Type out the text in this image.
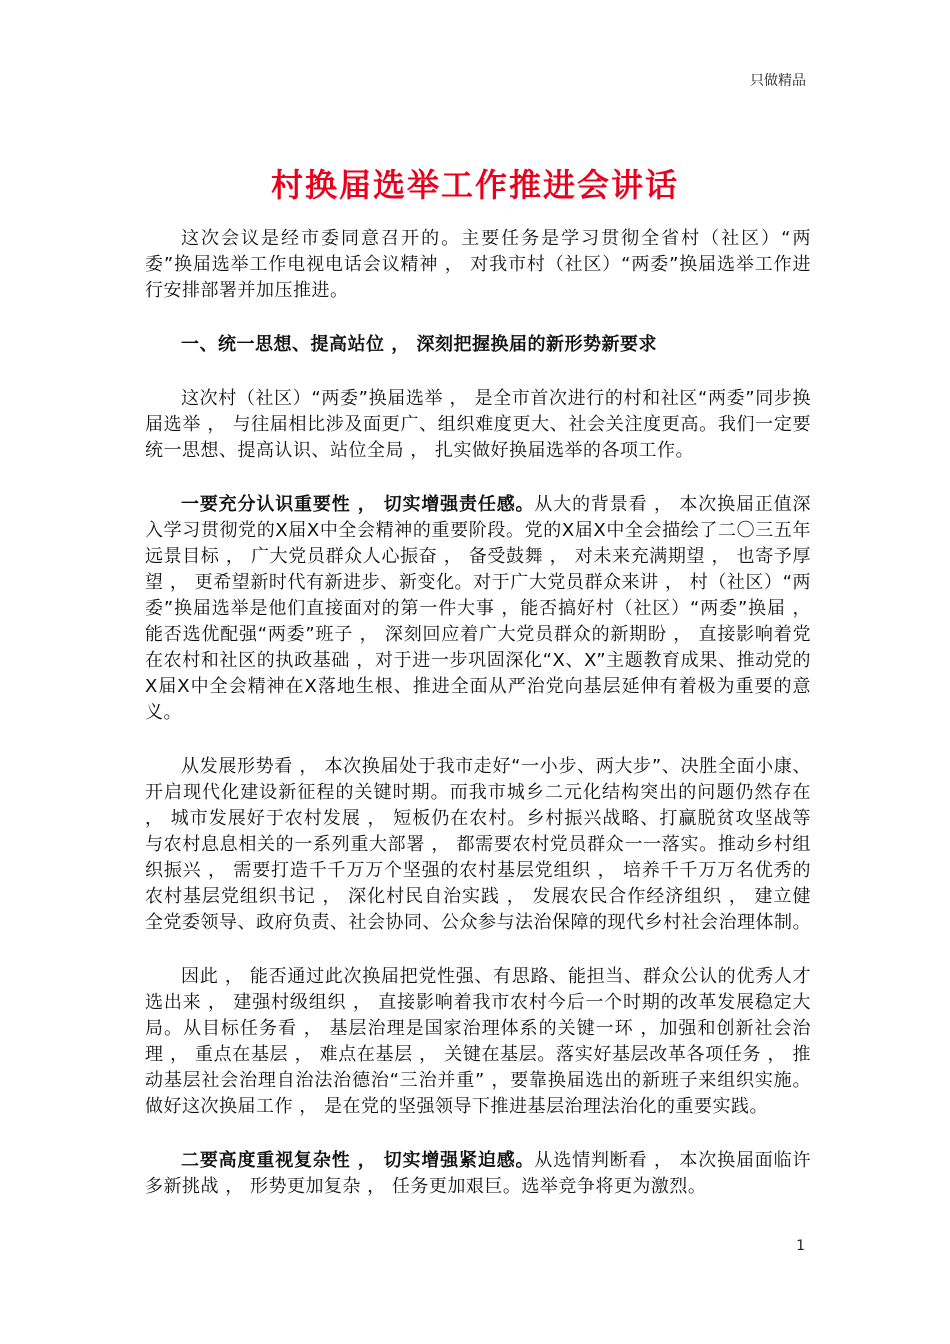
只做精品
村换届选举工作推进会讲话

这次会议是经市委同意召开的。主要任务是学习贯彻全省村（社区）“两委”换届选举工作电视电话会议精神 ， 对我市村（社区）“两委”换届选举工作进行安排部署并加压推进。

一、统一思想、提高站位 ， 深刻把握换届的新形势新要求

这次村（社区）“两委”换届选举 ， 是全市首次进行的村和社区“两委”同步换届选举 ， 与往届相比涉及面更广、组织难度更大、社会关注度更高。我们一定要统一思想、提高认识、站位全局 ， 扎实做好换届选举的各项工作。

一要充分认识重要性 ， 切实增强责任感。从大的背景看 ， 本次换届正值深入学习贯彻党的X届X中全会精神的重要阶段。党的X届X中全会描绘了二〇三五年远景目标 ， 广大党员群众人心振奋 ， 备受鼓舞 ， 对未来充满期望 ， 也寄予厚望 ， 更希望新时代有新进步、新变化。对于广大党员群众来讲 ， 村（社区）“两委”换届选举是他们直接面对的第一件大事 ，能否搞好村（社区）“两委”换届 ， 能否选优配强“两委”班子 ， 深刻回应着广大党员群众的新期盼 ， 直接影响着党在农村和社区的执政基础 ，对于进一步巩固深化“X、X”主题教育成果、推动党的X届X中全会精神在X落地生根、推进全面从严治党向基层延伸有着极为重要的意义。

从发展形势看 ， 本次换届处于我市走好“一小步、两大步”、决胜全面小康、开启现代化建设新征程的关键时期。而我市城乡二元化结构突出的问题仍然存在 ， 城市发展好于农村发展 ， 短板仍在农村。乡村振兴战略、打赢脱贫攻坚战等与农村息息相关的一系列重大部署 ， 都需要农村党员群众一一落实。推动乡村组织振兴 ， 需要打造千千万万个坚强的农村基层党组织 ， 培养千千万万名优秀的农村基层党组织书记 ， 深化村民自治实践 ， 发展农民合作经济组织 ， 建立健全党委领导、政府负责、社会协同、公众参与法治保障的现代乡村社会治理体制。

因此 ， 能否通过此次换届把党性强、有思路、能担当、群众公认的优秀人才选出来 ， 建强村级组织 ， 直接影响着我市农村今后一个时期的改革发展稳定大局。从目标任务看 ， 基层治理是国家治理体系的关键一环 ，加强和创新社会治理 ， 重点在基层 ， 难点在基层 ， 关键在基层。落实好基层改革各项任务 ， 推动基层社会治理自治法治德治“三治并重” ，要靠换届选出的新班子来组织实施。做好这次换届工作 ， 是在党的坚强领导下推进基层治理法治化的重要实践。

二要高度重视复杂性 ， 切实增强紧迫感。从选情判断看 ， 本次换届面临许多新挑战 ， 形势更加复杂 ， 任务更加艰巨。选举竞争将更为激烈。

1
